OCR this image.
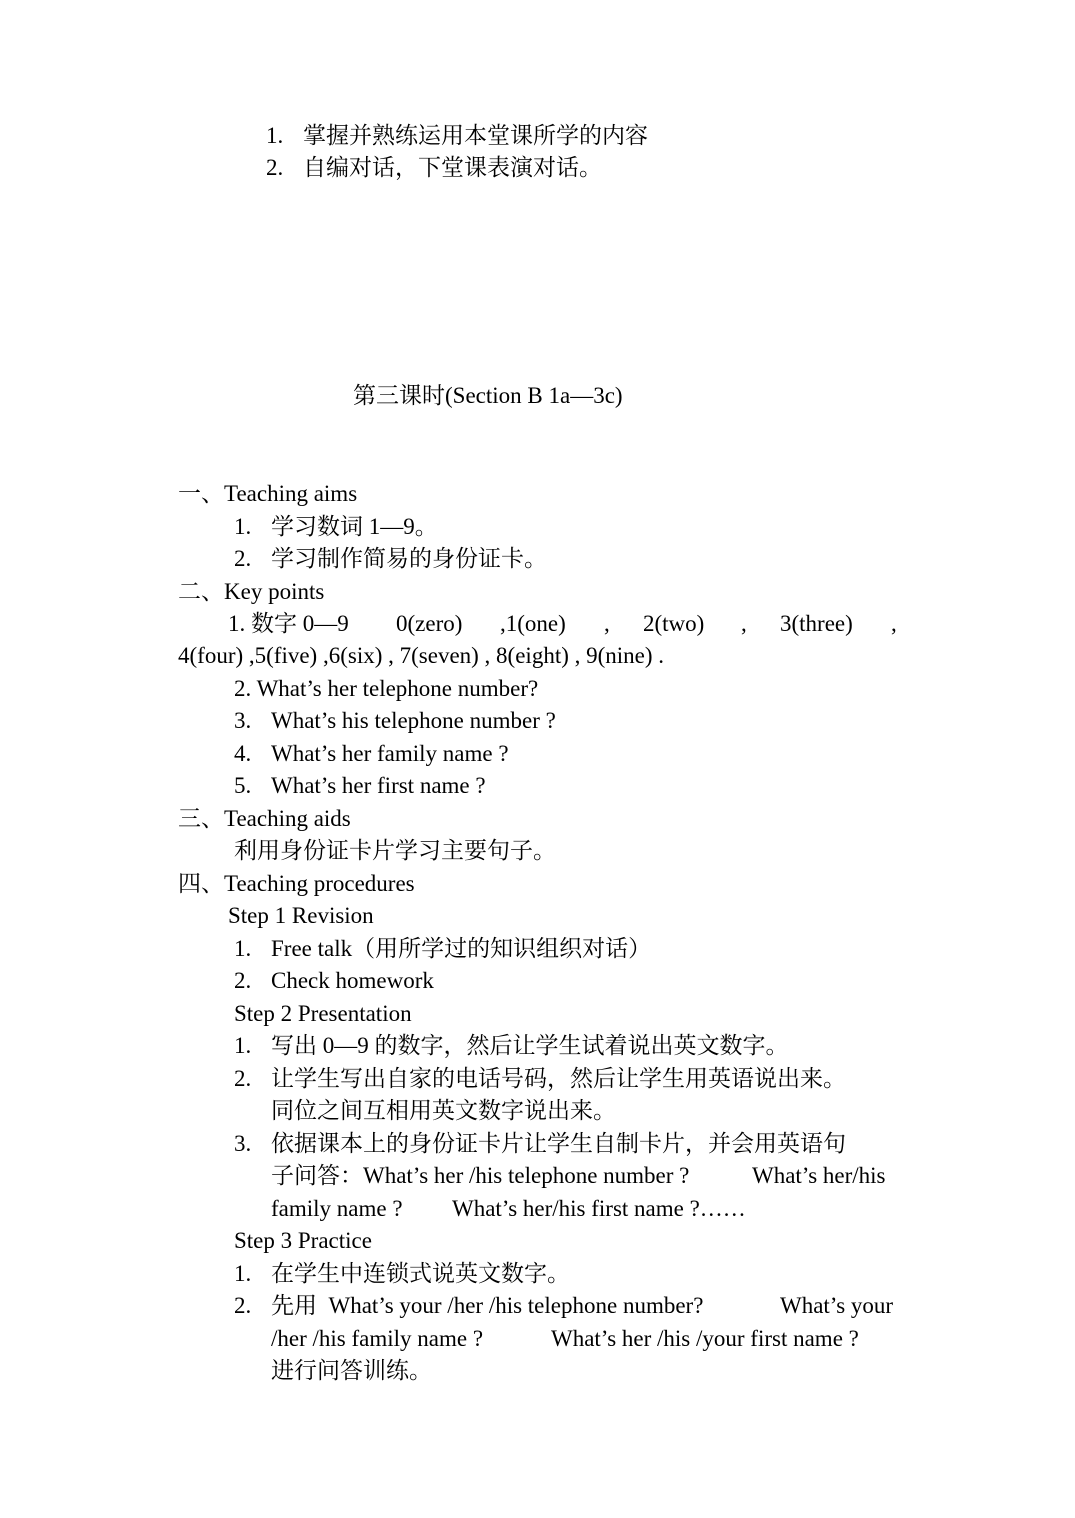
1. 掌握并熟练运用本堂课所学的内容
2. 自编对话，下堂课表演对话。
第三课时(Section B 1a—3c)
一、Teaching aims
1. 学习数词 1—9。
2. 学习制作简易的身份证卡。
二、Key points
1. 数字 0—9 0(zero) ,1(one) , 2(two) , 3(three) ,
4(four) ,5(five) ,6(six) , 7(seven) , 8(eight) , 9(nine) .
2. What’s her telephone number?
3. What’s his telephone number ?
4. What’s her family name ?
5. What’s her first name ?
三、Teaching aids
利用身份证卡片学习主要句子。
四、Teaching procedures
Step 1 Revision
1. Free talk（用所学过的知识组织对话）
2. Check homework
Step 2 Presentation
1. 写出 0—9 的数字，然后让学生试着说出英文数字。
2. 让学生写出自家的电话号码，然后让学生用英语说出来。
同位之间互相用英文数字说出来。
3. 依据课本上的身份证卡片让学生自制卡片，并会用英语句
子问答：What’s her /his telephone number ?	What’s her/his
family name ? What’s her/his first name ?……
Step 3 Practice
1. 在学生中连锁式说英文数字。
2. 先用  What’s your /her /his telephone number?	What’s your
/her /his family name ?	What’s her /his /your first name ?
进行问答训练。
